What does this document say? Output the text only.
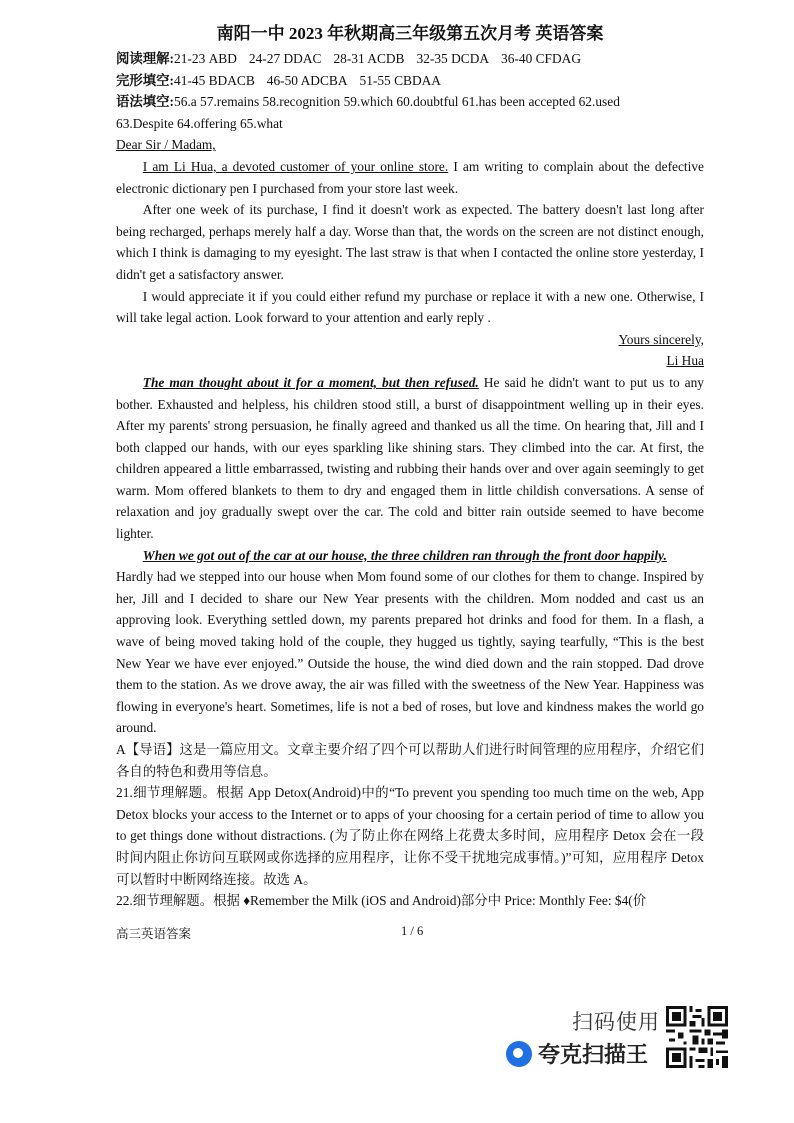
南阳一中 2023 年秋期高三年级第五次月考 英语答案
阅读理解:21-23 ABD 24-27 DDAC 28-31 ACDB 32-35 DCDA 36-40 CFDAG
完形填空:41-45 BDACB 46-50 ADCBA 51-55 CBDAA
语法填空:56.a 57.remains 58.recognition 59.which 60.doubtful 61.has been accepted 62.used
63.Despite 64.offering 65.what

Dear Sir / Madam,

I am Li Hua, a devoted customer of your online store. I am writing to complain about the defective electronic dictionary pen I purchased from your store last week.

After one week of its purchase, I find it doesn't work as expected. The battery doesn't last long after being recharged, perhaps merely half a day. Worse than that, the words on the screen are not distinct enough, which I think is damaging to my eyesight. The last straw is that when I contacted the online store yesterday, I didn't get a satisfactory answer.

I would appreciate it if you could either refund my purchase or replace it with a new one. Otherwise, I will take legal action. Look forward to your attention and early reply .

Yours sincerely,

Li Hua

The man thought about it for a moment, but then refused. He said he didn't want to put us to any bother. Exhausted and helpless, his children stood still, a burst of disappointment welling up in their eyes. After my parents' strong persuasion, he finally agreed and thanked us all the time. On hearing that, Jill and I both clapped our hands, with our eyes sparkling like shining stars. They climbed into the car. At first, the children appeared a little embarrassed, twisting and rubbing their hands over and over again seemingly to get warm. Mom offered blankets to them to dry and engaged them in little childish conversations. A sense of relaxation and joy gradually swept over the car. The cold and bitter rain outside seemed to have become lighter.

When we got out of the car at our house, the three children ran through the front door happily.

Hardly had we stepped into our house when Mom found some of our clothes for them to change. Inspired by her, Jill and I decided to share our New Year presents with the children. Mom nodded and cast us an approving look. Everything settled down, my parents prepared hot drinks and food for them. In a flash, a wave of being moved taking hold of the couple, they hugged us tightly, saying tearfully, “This is the best New Year we have ever enjoyed.” Outside the house, the wind died down and the rain stopped. Dad drove them to the station. As we drove away, the air was filled with the sweetness of the New Year. Happiness was flowing in everyone's heart. Sometimes, life is not a bed of roses, but love and kindness makes the world go around.

A【导语】这是一篇应用文。文章主要介绍了四个可以帮助人们进行时间管理的应用程序，介绍它们各自的特色和费用等信息。

21.细节理解题。根据 App Detox(Android)中的“To prevent you spending too much time on the web, App Detox blocks your access to the Internet or to apps of your choosing for a certain period of time to allow you to get things done without distractions. (为了防止你在网络上花费太多时间，应用程序 Detox 会在一段时间内阻止你访问互联网或你选择的应用程序，让你不受干扰地完成事情。)”可知，应用程序 Detox 可以暂时中断网络连接。故选 A。

22.细节理解题。根据 ♦Remember the Milk (iOS and Android)部分中 Price: Monthly Fee: $4(价

高三英语答案	1 / 6
扫码使用
夸克扫描王
